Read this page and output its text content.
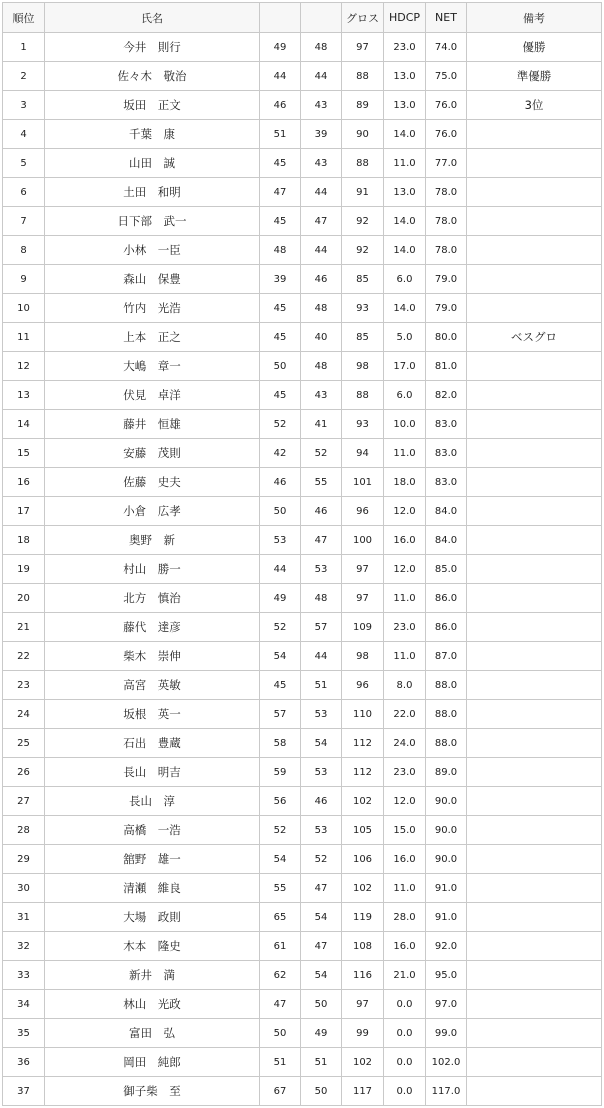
順位	氏名			グロス	HDCP	NET	備考
1	今井　則行	49	48	97	23.0	74.0	優勝
2	佐々木　敬治	44	44	88	13.0	75.0	準優勝
3	坂田　正文	46	43	89	13.0	76.0	3位
4	千葉　康	51	39	90	14.0	76.0	
5	山田　誠	45	43	88	11.0	77.0	
6	土田　和明	47	44	91	13.0	78.0	
7	日下部　武一	45	47	92	14.0	78.0	
8	小林　一臣	48	44	92	14.0	78.0	
9	森山　保豊	39	46	85	6.0	79.0	
10	竹内　光浩	45	48	93	14.0	79.0	
11	上本　正之	45	40	85	5.0	80.0	ベスグロ
12	大嶋　章一	50	48	98	17.0	81.0	
13	伏見　卓洋	45	43	88	6.0	82.0	
14	藤井　恒雄	52	41	93	10.0	83.0	
15	安藤　茂則	42	52	94	11.0	83.0	
16	佐藤　史夫	46	55	101	18.0	83.0	
17	小倉　広孝	50	46	96	12.0	84.0	
18	奥野　新	53	47	100	16.0	84.0	
19	村山　勝一	44	53	97	12.0	85.0	
20	北方　慎治	49	48	97	11.0	86.0	
21	藤代　達彦	52	57	109	23.0	86.0	
22	柴木　崇伸	54	44	98	11.0	87.0	
23	高宮　英敏	45	51	96	8.0	88.0	
24	坂根　英一	57	53	110	22.0	88.0	
25	石出　豊蔵	58	54	112	24.0	88.0	
26	長山　明吉	59	53	112	23.0	89.0	
27	長山　淳	56	46	102	12.0	90.0	
28	高橋　一浩	52	53	105	15.0	90.0	
29	舘野　雄一	54	52	106	16.0	90.0	
30	清瀬　維良	55	47	102	11.0	91.0	
31	大場　政則	65	54	119	28.0	91.0	
32	木本　隆史	61	47	108	16.0	92.0	
33	新井　満	62	54	116	21.0	95.0	
34	林山　光政	47	50	97	0.0	97.0	
35	富田　弘	50	49	99	0.0	99.0	
36	岡田　純郎	51	51	102	0.0	102.0	
37	御子柴　至	67	50	117	0.0	117.0	
